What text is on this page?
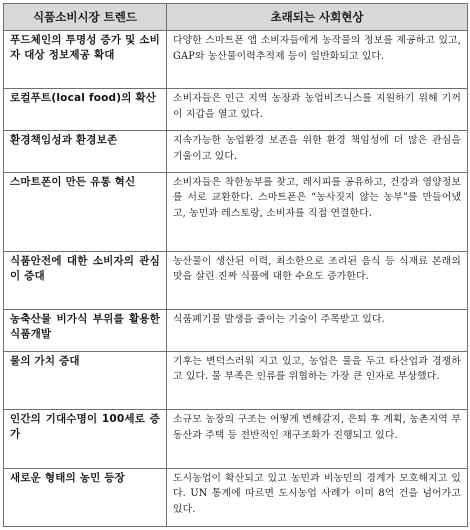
식품소비시장 트렌드	초래되는 사회현상
푸드체인의 투명성 증가 및 소비자 대상 정보제공 확대	다양한 스마트폰 앱 소비자들에게 농작물의 정보를 제공하고 있고, GAP와 농산물이력추적제 등이 일반화되고 있다.
로컬푸트(local food)의 확산	소비자들은 인근 지역 농장과 농업비즈니스를 지원하기 위해 기꺼이 지갑을 열고 있다.
환경책임성과 환경보존	지속가능한 농업환경 보존을 위한 환경 책임성에 더 많은 관심을 기울이고 있다.
스마트폰이 만든 유통 혁신	소비자들은 착한농부를 찾고, 레시피를 공유하고, 건강과 영양정보를 서로 교환한다. 스마트폰은 “농사짓지 않는 농부”를 만들어냈고, 농민과 레스토랑, 소비자를 직접 연결한다.
식품안전에 대한 소비자의 관심이 증대	농산물이 생산된 이력, 최소한으로 조리된 음식 등 식재료 본래의 맛을 살린 진짜 식품에 대한 수요도 증가한다.
농축산물 비가식 부위를 활용한 식품개발	식품폐기물 발생을 줄이는 기술이 주목받고 있다.
물의 가치 증대	기후는 변덕스러워 지고 있고, 농업은 물을 두고 타산업과 경쟁하고 있다. 물 부족은 인류를 위협하는 가장 큰 인자로 부상했다.
인간의 기대수명이 100세로 증가	소규모 농장의 구조는 어떻게 변해갈지, 은퇴 후 계획, 농촌지역 부동산과 주택 등 전반적인 재구조화가 진행되고 있다.
새로운 형태의 농민 등장	도시농업이 확산되고 있고 농민과 비농민의 경계가 모호해지고 있다. UN 통계에 따르면 도시농업 사례가 이미 8억 건을 넘어가고 있다.
